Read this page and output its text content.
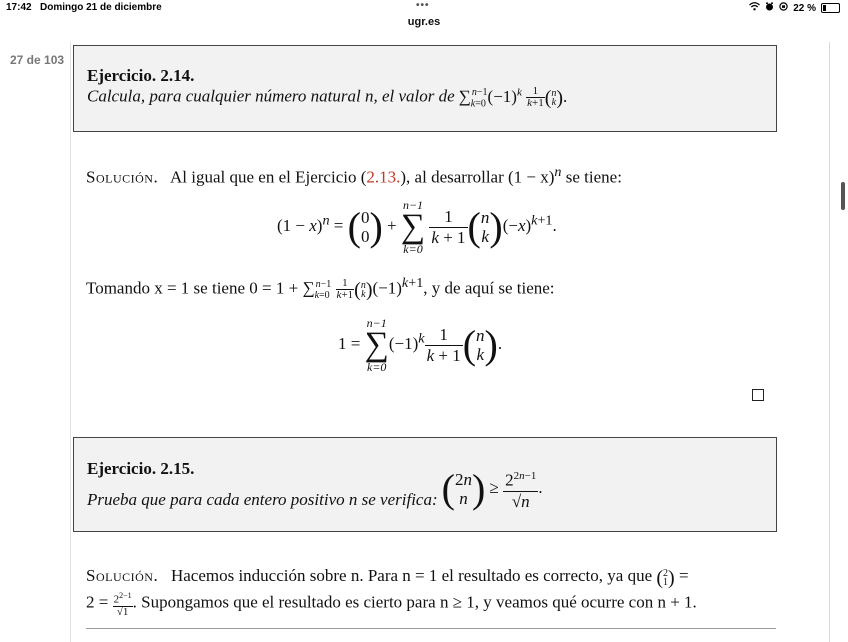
17:42 Domingo 21 de diciembre	•••	22 %
ugr.es
27 de 103
Ejercicio. 2.14.
Calcula, para cualquier número natural n, el valor de $\sum_{k=0}^{n-1}(-1)^k \frac{1}{k+1} (n$
k).
Solución. Al igual que en el Ejercicio (2.13.), al desarrollar $(1 - x)^n$ se tiene:
$(1 - x)^n = (0$
0) +
n−1
∑
k=0

$\frac{1}{k + 1} (n$
$k)(-x)^{k+1}$.
Tomando x = 1 se tiene $0 = 1 + \sum_{k=0}^{n-1} \frac{1}{k+1} (n$
$k)(-1)^{k+1}$, y de aquí se tiene:
1 =
n−1
∑
k=0
$(-1)^k \frac{1}{k + 1} (n$
k).
Ejercicio. 2.15.
Prueba que para cada entero positivo n se verifica: (2n
n ) ≥ $\frac{2^{2n-1}}{√n}$ .
Solución. Hacemos inducción sobre n. Para n = 1 el resultado es correcto, ya que (2
1) =
$2 = \frac{2^{2-1}}{√1}$ . Supongamos que el resultado es cierto para n ≥ 1, y veamos qué ocurre con n + 1.
